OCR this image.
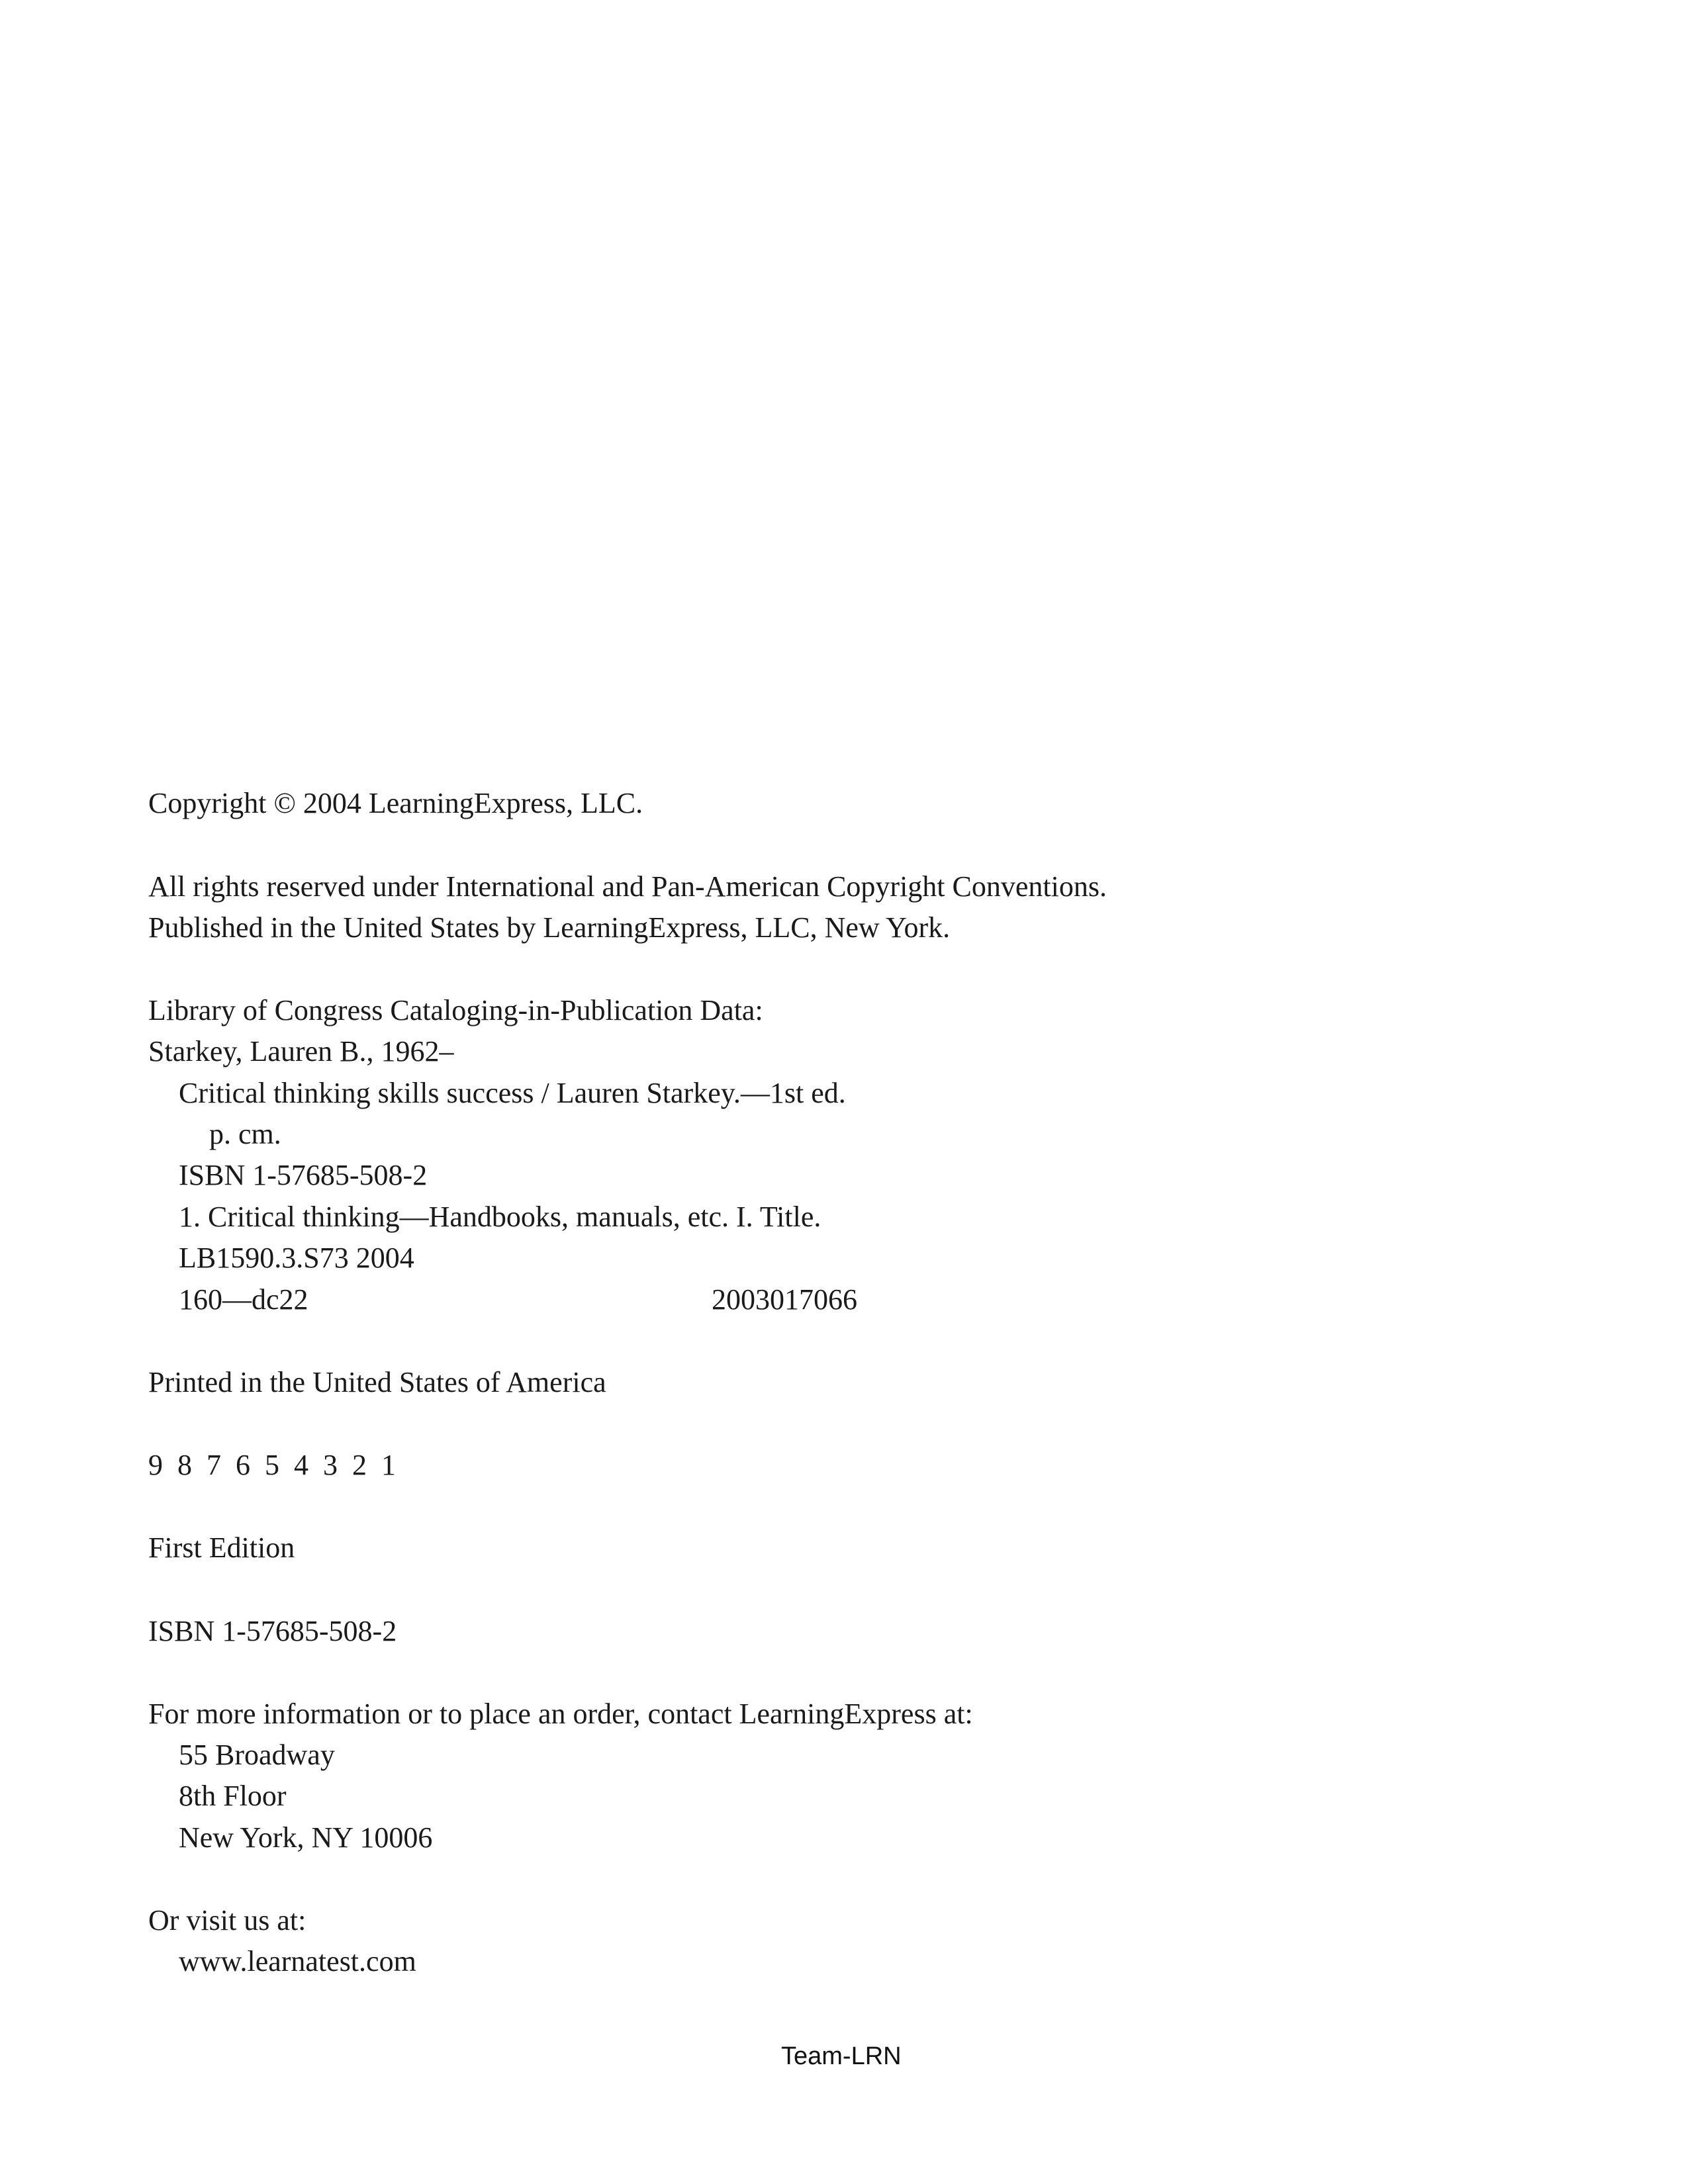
Copyright © 2004 LearningExpress, LLC.
All rights reserved under International and Pan-American Copyright Conventions.
Published in the United States by LearningExpress, LLC, New York.
Library of Congress Cataloging-in-Publication Data:
Starkey, Lauren B., 1962–
Critical thinking skills success / Lauren Starkey.—1st ed.
p. cm.
ISBN 1-57685-508-2
1. Critical thinking—Handbooks, manuals, etc. I. Title.
LB1590.3.S73 2004
160—dc22	2003017066
Printed in the United States of America
9  8  7  6  5  4  3  2  1
First Edition
ISBN 1-57685-508-2
For more information or to place an order, contact LearningExpress at:
55 Broadway
8th Floor
New York, NY 10006
Or visit us at:
www.learnatest.com
Team-LRN
